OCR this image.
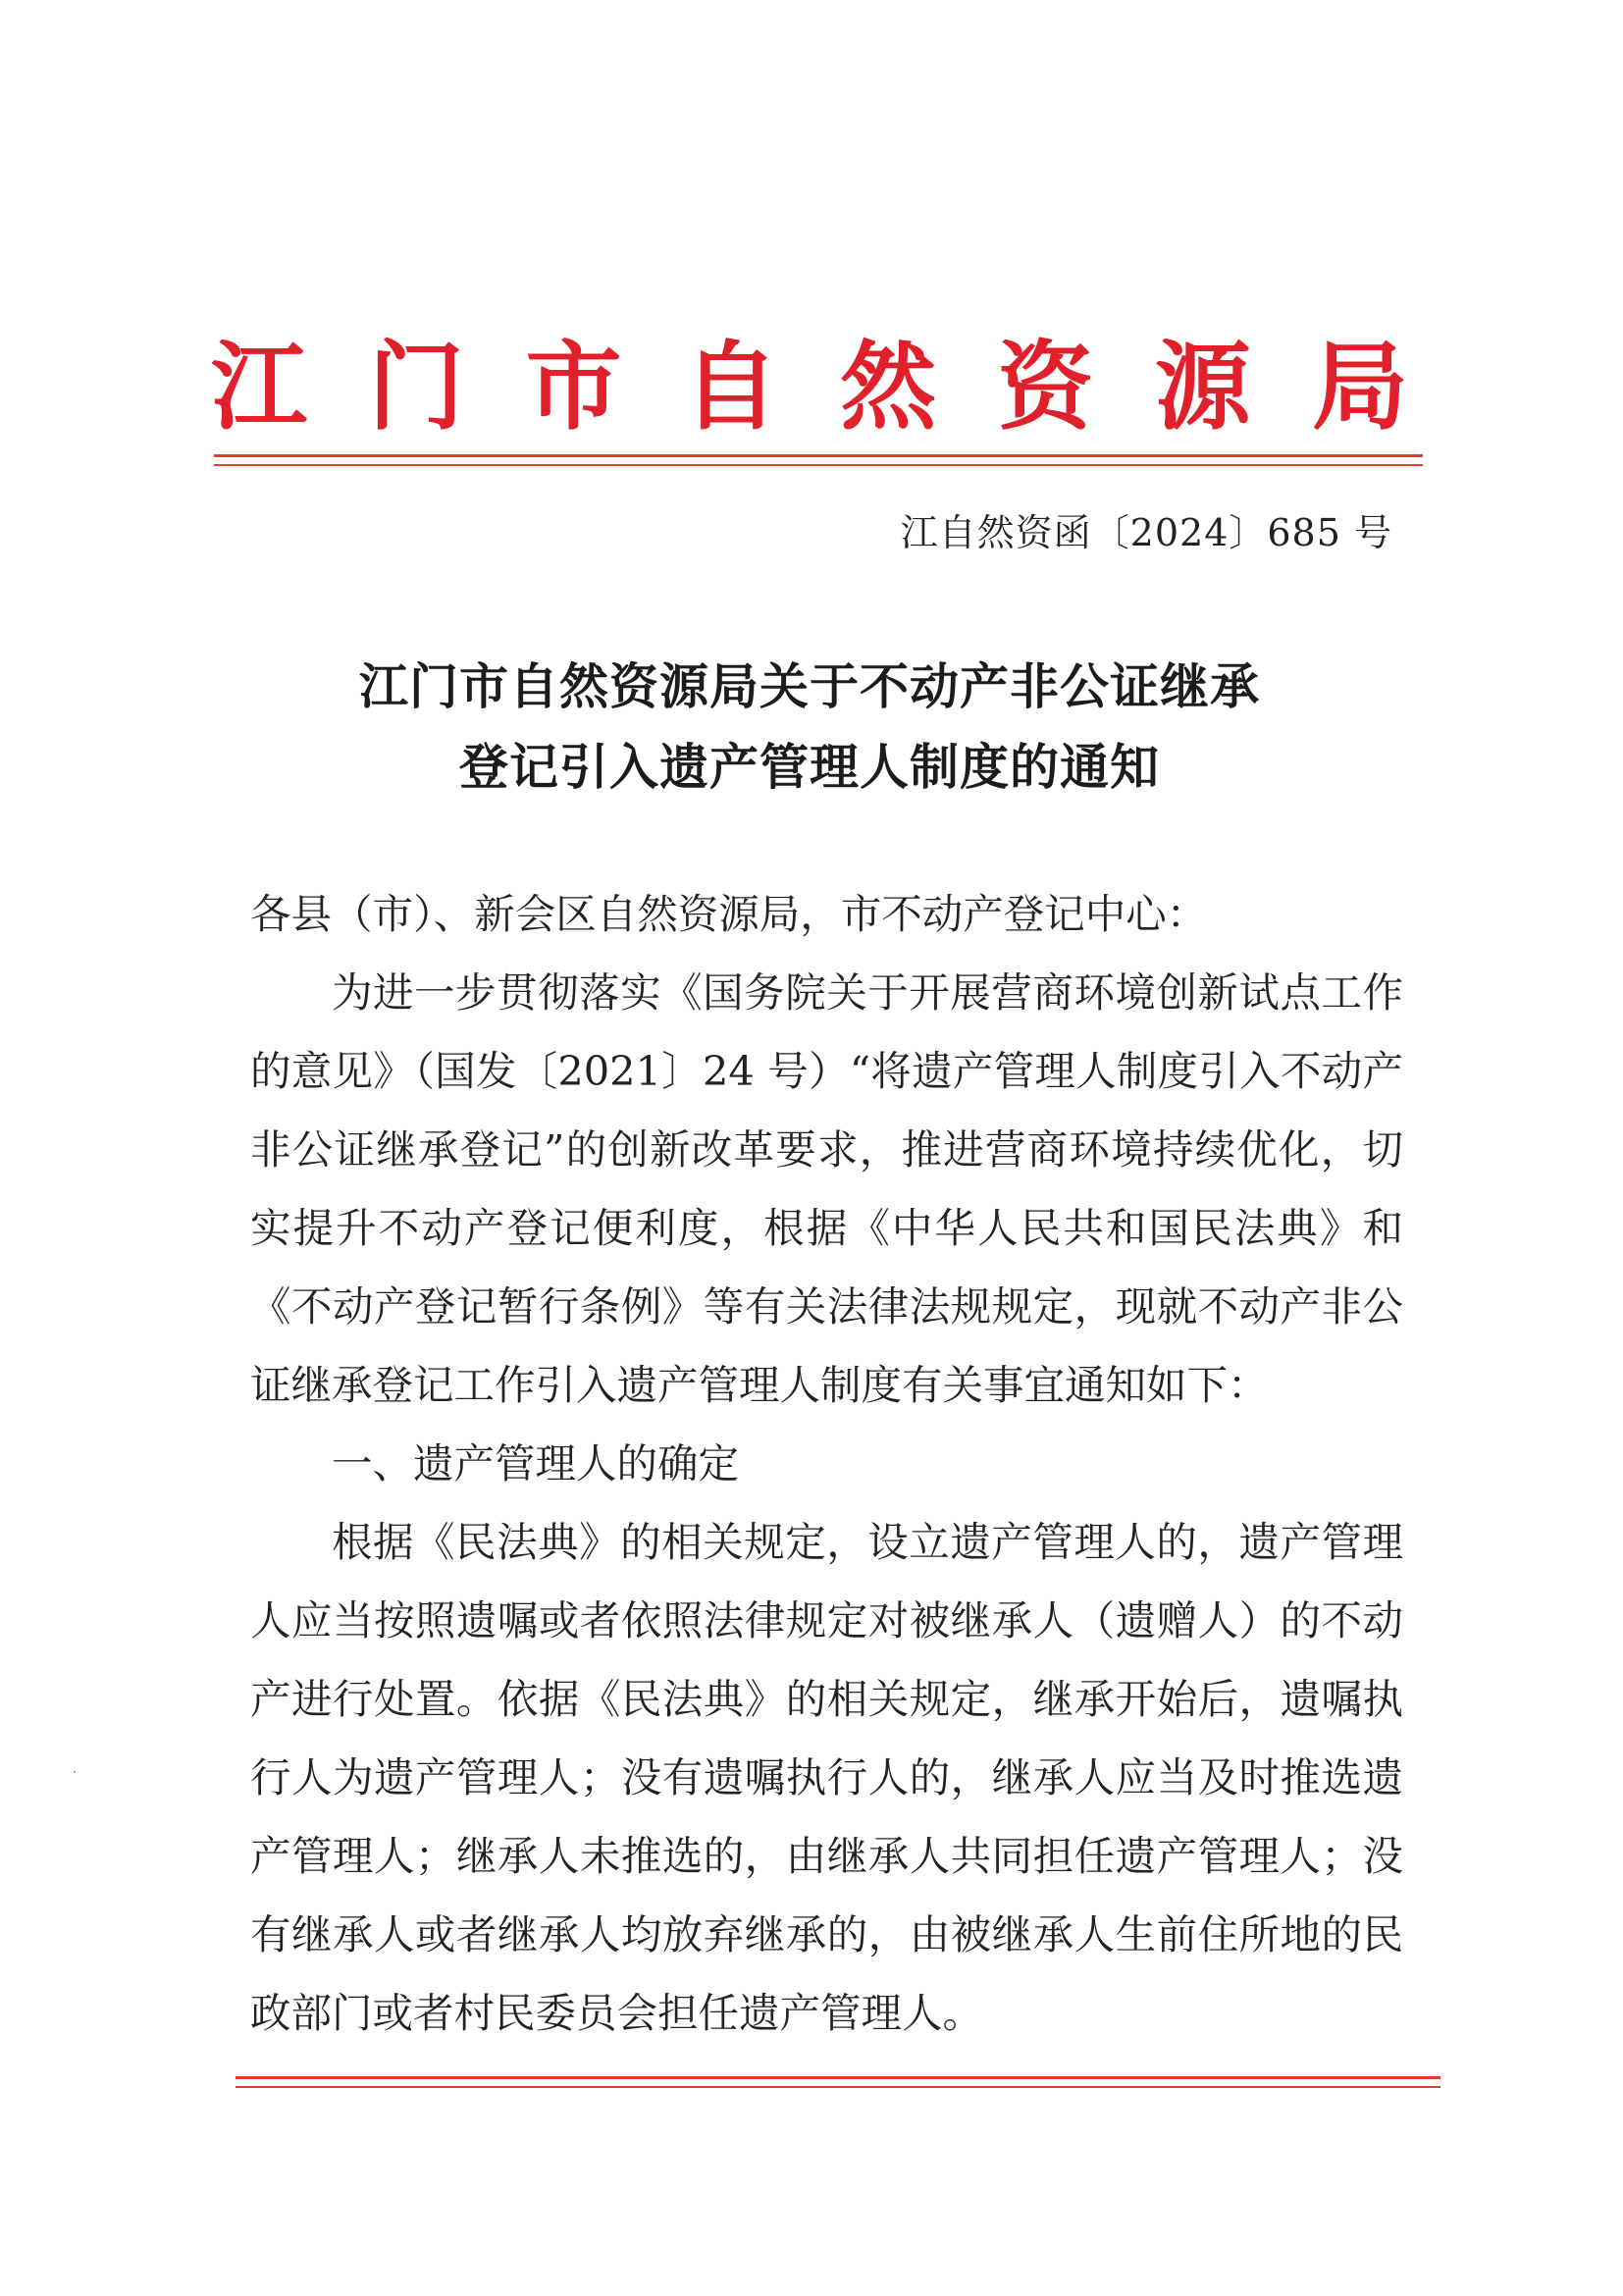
江 门 市 自 然 资 源 局
江自然资函〔2024〕685 号
江门市自然资源局关于不动产非公证继承
登记引入遗产管理人制度的通知

各县（市）、新会区自然资源局，市不动产登记中心：

为进一步贯彻落实《国务院关于开展营商环境创新试点工作的意见》（国发〔2021〕24 号）“将遗产管理人制度引入不动产非公证继承登记”的创新改革要求，推进营商环境持续优化，切实提升不动产登记便利度，根据《中华人民共和国民法典》和《不动产登记暂行条例》等有关法律法规规定，现就不动产非公证继承登记工作引入遗产管理人制度有关事宜通知如下：

一、遗产管理人的确定

根据《民法典》的相关规定，设立遗产管理人的，遗产管理人应当按照遗嘱或者依照法律规定对被继承人（遗赠人）的不动产进行处置。依据《民法典》的相关规定，继承开始后，遗嘱执行人为遗产管理人；没有遗嘱执行人的，继承人应当及时推选遗产管理人；继承人未推选的，由继承人共同担任遗产管理人；没有继承人或者继承人均放弃继承的，由被继承人生前住所地的民政部门或者村民委员会担任遗产管理人。
